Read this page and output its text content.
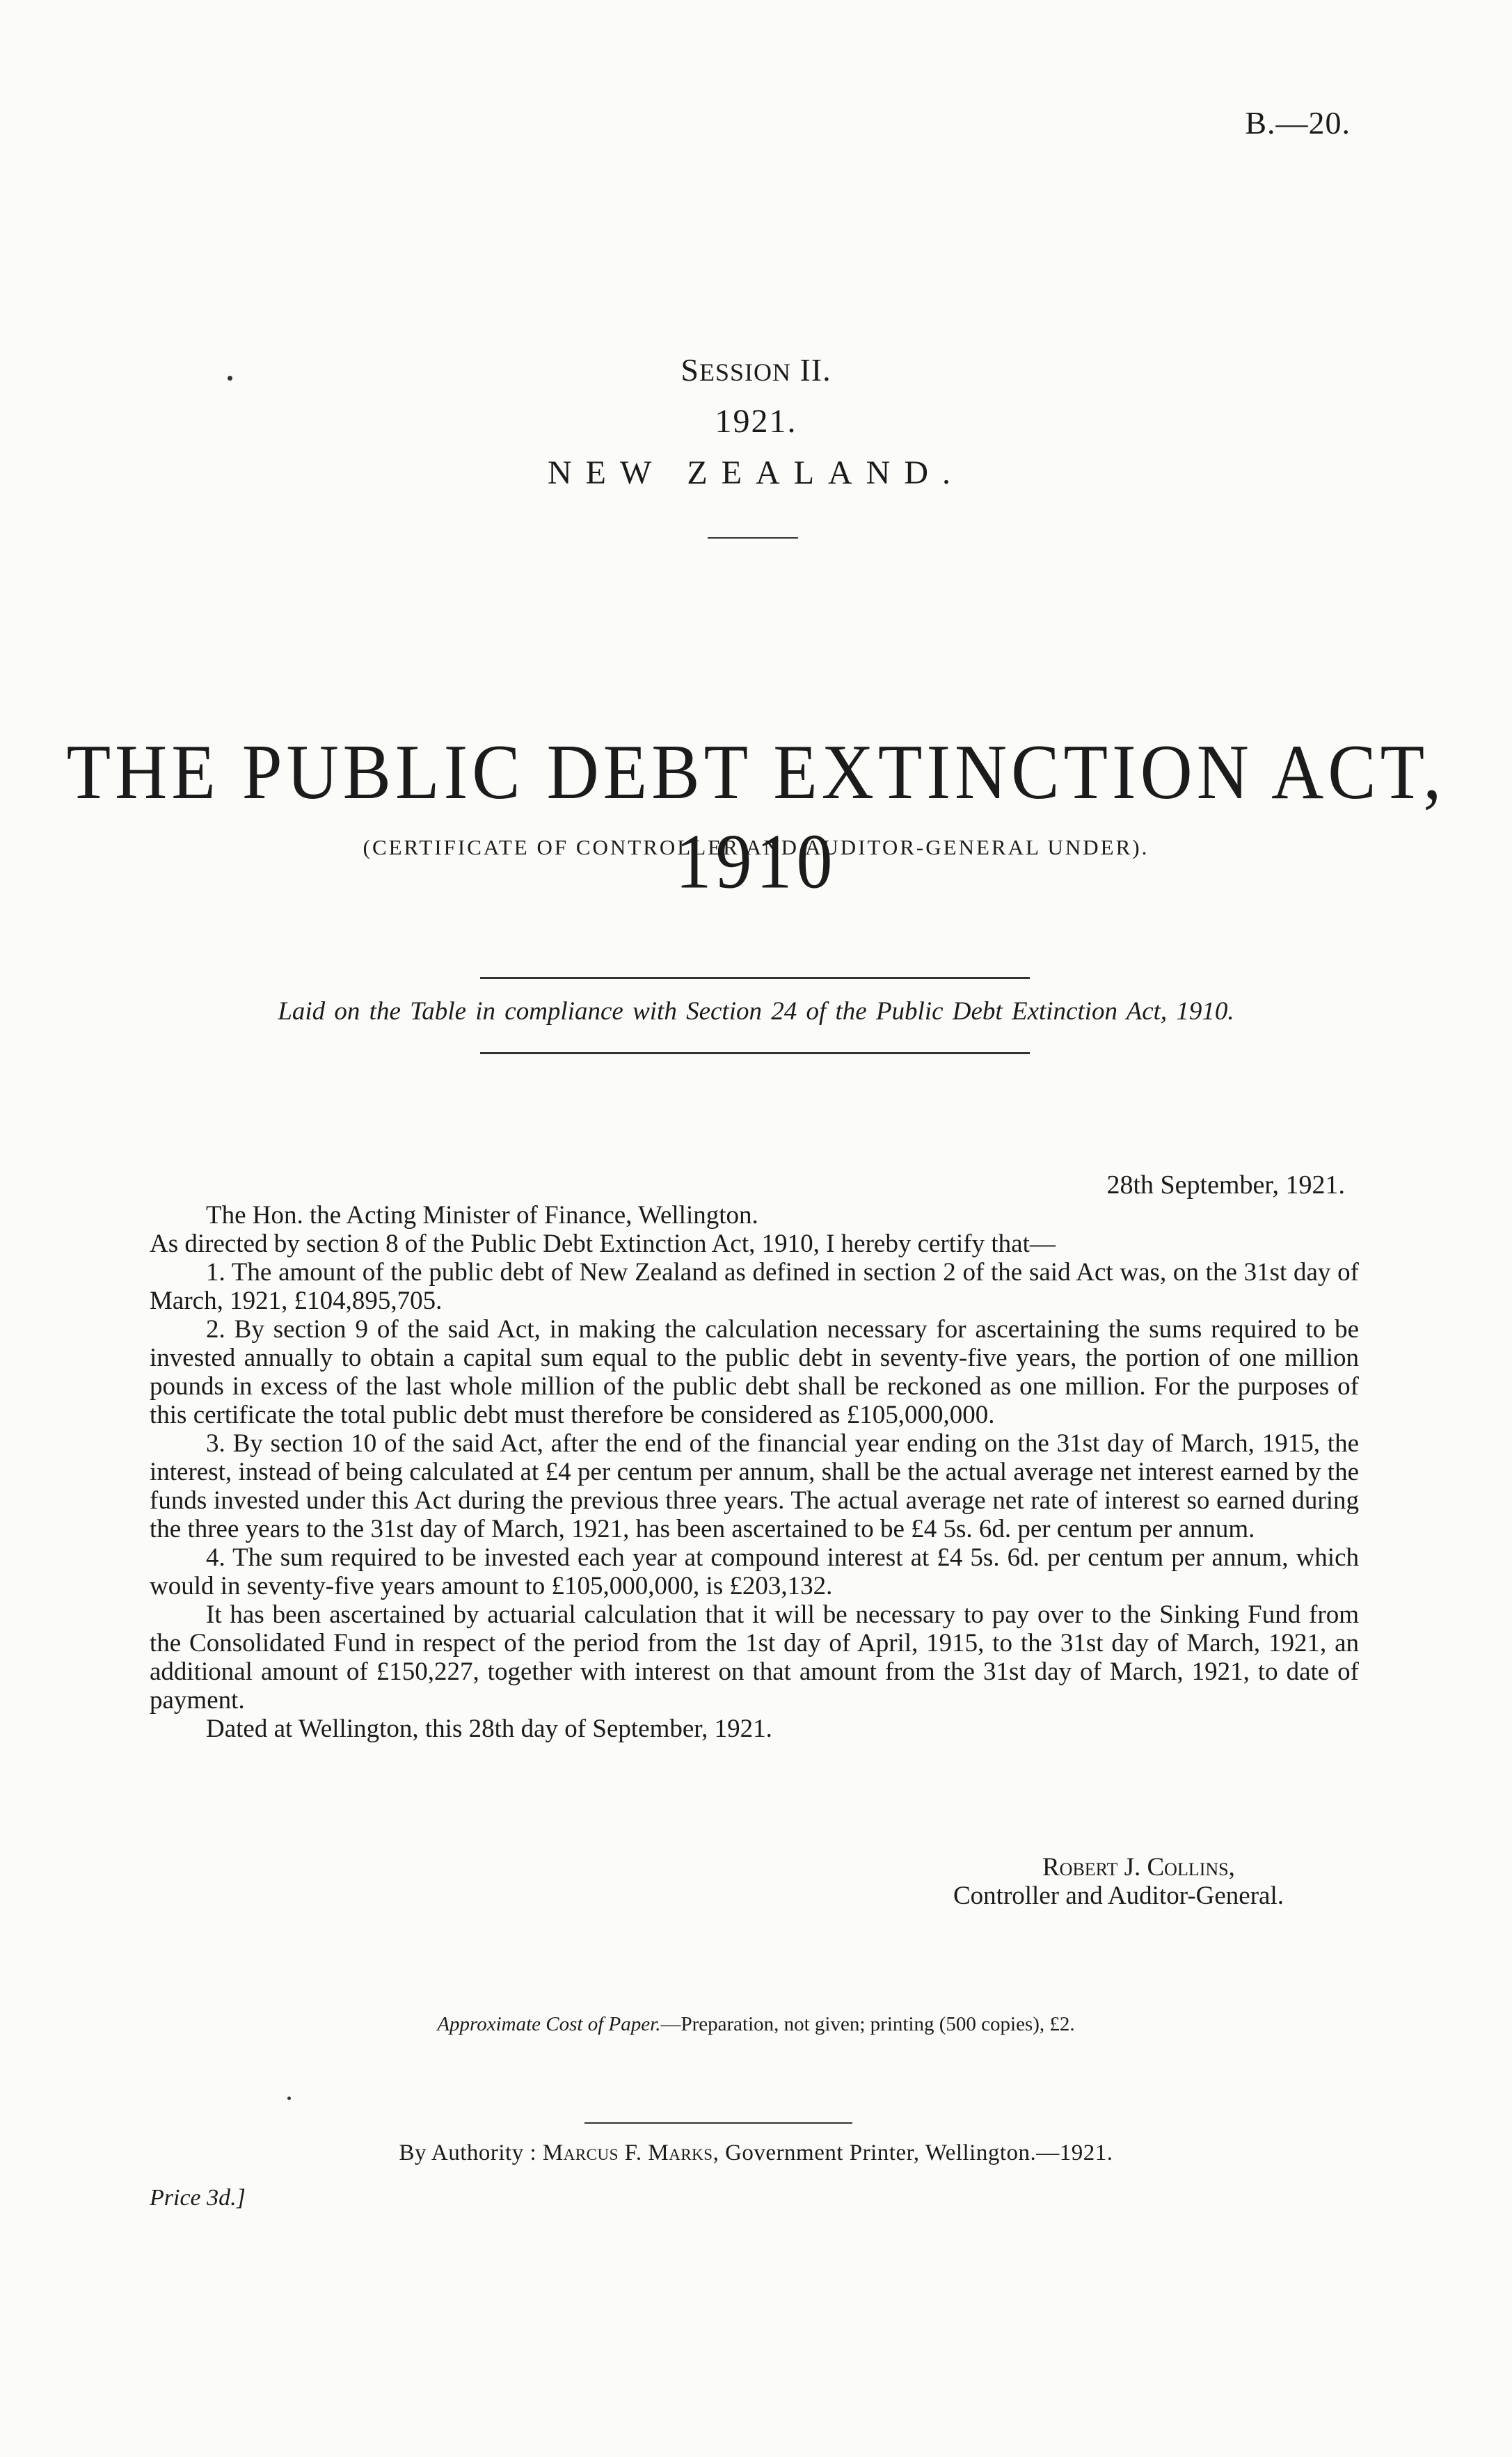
B.—20.
SESSION II.
1921.
NEW ZEALAND.
THE PUBLIC DEBT EXTINCTION ACT, 1910
(CERTIFICATE OF CONTROLLER AND AUDITOR-GENERAL UNDER).
Laid on the Table in compliance with Section 24 of the Public Debt Extinction Act, 1910.
28th September, 1921.

The Hon. the Acting Minister of Finance, Wellington.

As directed by section 8 of the Public Debt Extinction Act, 1910, I hereby certify that—

1. The amount of the public debt of New Zealand as defined in section 2 of the said Act was, on the 31st day of March, 1921, £104,895,705.

2. By section 9 of the said Act, in making the calculation necessary for ascertaining the sums required to be invested annually to obtain a capital sum equal to the public debt in seventy-five years, the portion of one million pounds in excess of the last whole million of the public debt shall be reckoned as one million. For the purposes of this certificate the total public debt must therefore be considered as £105,000,000.

3. By section 10 of the said Act, after the end of the financial year ending on the 31st day of March, 1915, the interest, instead of being calculated at £4 per centum per annum, shall be the actual average net interest earned by the funds invested under this Act during the previous three years. The actual average net rate of interest so earned during the three years to the 31st day of March, 1921, has been ascertained to be £4 5s. 6d. per centum per annum.

4. The sum required to be invested each year at compound interest at £4 5s. 6d. per centum per annum, which would in seventy-five years amount to £105,000,000, is £203,132.

It has been ascertained by actuarial calculation that it will be necessary to pay over to the Sinking Fund from the Consolidated Fund in respect of the period from the 1st day of April, 1915, to the 31st day of March, 1921, an additional amount of £150,227, together with interest on that amount from the 31st day of March, 1921, to date of payment.

Dated at Wellington, this 28th day of September, 1921.

Robert J. Collins,
Controller and Auditor-General.
Approximate Cost of Paper.—Preparation, not given; printing (500 copies), £2.
By Authority : Marcus F. Marks, Government Printer, Wellington.—1921.
Price 3d.]
